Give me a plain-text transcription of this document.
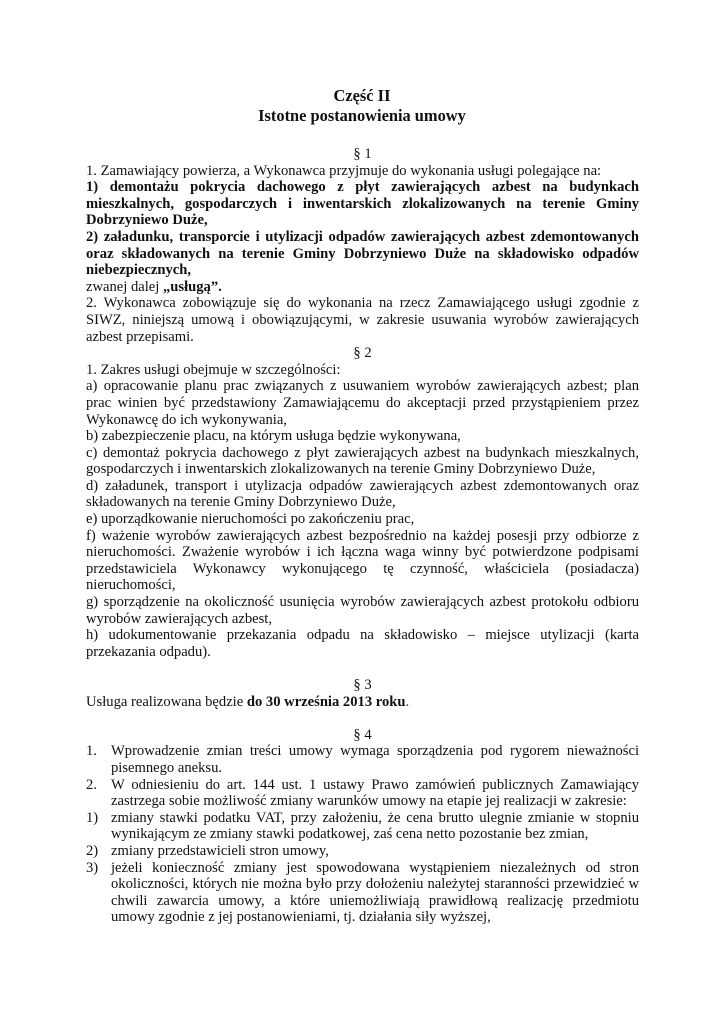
Część II
Istotne postanowienia umowy

§ 1

1. Zamawiający powierza, a Wykonawca przyjmuje do wykonania usługi polegające na:

1) demontażu pokrycia dachowego z płyt zawierających azbest na budynkach mieszkalnych, gospodarczych i inwentarskich zlokalizowanych na terenie Gminy Dobrzyniewo Duże,

2) załadunku, transporcie i utylizacji odpadów zawierających azbest zdemontowanych oraz składowanych na terenie Gminy Dobrzyniewo Duże na składowisko odpadów niebezpiecznych,

zwanej dalej „usługą”.

2. Wykonawca zobowiązuje się do wykonania na rzecz Zamawiającego usługi zgodnie z SIWZ, niniejszą umową i obowiązującymi, w zakresie usuwania wyrobów zawierających azbest przepisami.

§ 2

1. Zakres usługi obejmuje w szczególności:

a) opracowanie planu prac związanych z usuwaniem wyrobów zawierających azbest; plan prac winien być przedstawiony Zamawiającemu do akceptacji przed przystąpieniem przez Wykonawcę do ich wykonywania,

b) zabezpieczenie placu, na którym usługa będzie wykonywana,

c) demontaż pokrycia dachowego z płyt zawierających azbest na budynkach mieszkalnych, gospodarczych i inwentarskich zlokalizowanych na terenie Gminy Dobrzyniewo Duże,

d) załadunek, transport i utylizacja odpadów zawierających azbest zdemontowanych oraz składowanych na terenie Gminy Dobrzyniewo Duże,

e) uporządkowanie nieruchomości po zakończeniu prac,

f) ważenie wyrobów zawierających azbest bezpośrednio na każdej posesji przy odbiorze z nieruchomości. Zważenie wyrobów i ich łączna waga winny być potwierdzone podpisami przedstawiciela Wykonawcy wykonującego tę czynność, właściciela (posiadacza) nieruchomości,

g) sporządzenie na okoliczność usunięcia wyrobów zawierających azbest protokołu odbioru wyrobów zawierających azbest,

h) udokumentowanie przekazania odpadu na składowisko – miejsce utylizacji (karta przekazania odpadu).

§ 3

Usługa realizowana będzie do 30 września 2013 roku.

§ 4

1. Wprowadzenie zmian treści umowy wymaga sporządzenia pod rygorem nieważności pisemnego aneksu.
2. W odniesieniu do art. 144 ust. 1 ustawy Prawo zamówień publicznych Zamawiający zastrzega sobie możliwość zmiany warunków umowy na etapie jej realizacji w zakresie:
1) zmiany stawki podatku VAT, przy założeniu, że cena brutto ulegnie zmianie w stopniu wynikającym ze zmiany stawki podatkowej, zaś cena netto pozostanie bez zmian,
2) zmiany przedstawicieli stron umowy,
3) jeżeli konieczność zmiany jest spowodowana wystąpieniem niezależnych od stron okoliczności, których nie można było przy dołożeniu należytej staranności przewidzieć w chwili zawarcia umowy, a które uniemożliwiają prawidłową realizację przedmiotu umowy zgodnie z jej postanowieniami, tj. działania siły wyższej,
